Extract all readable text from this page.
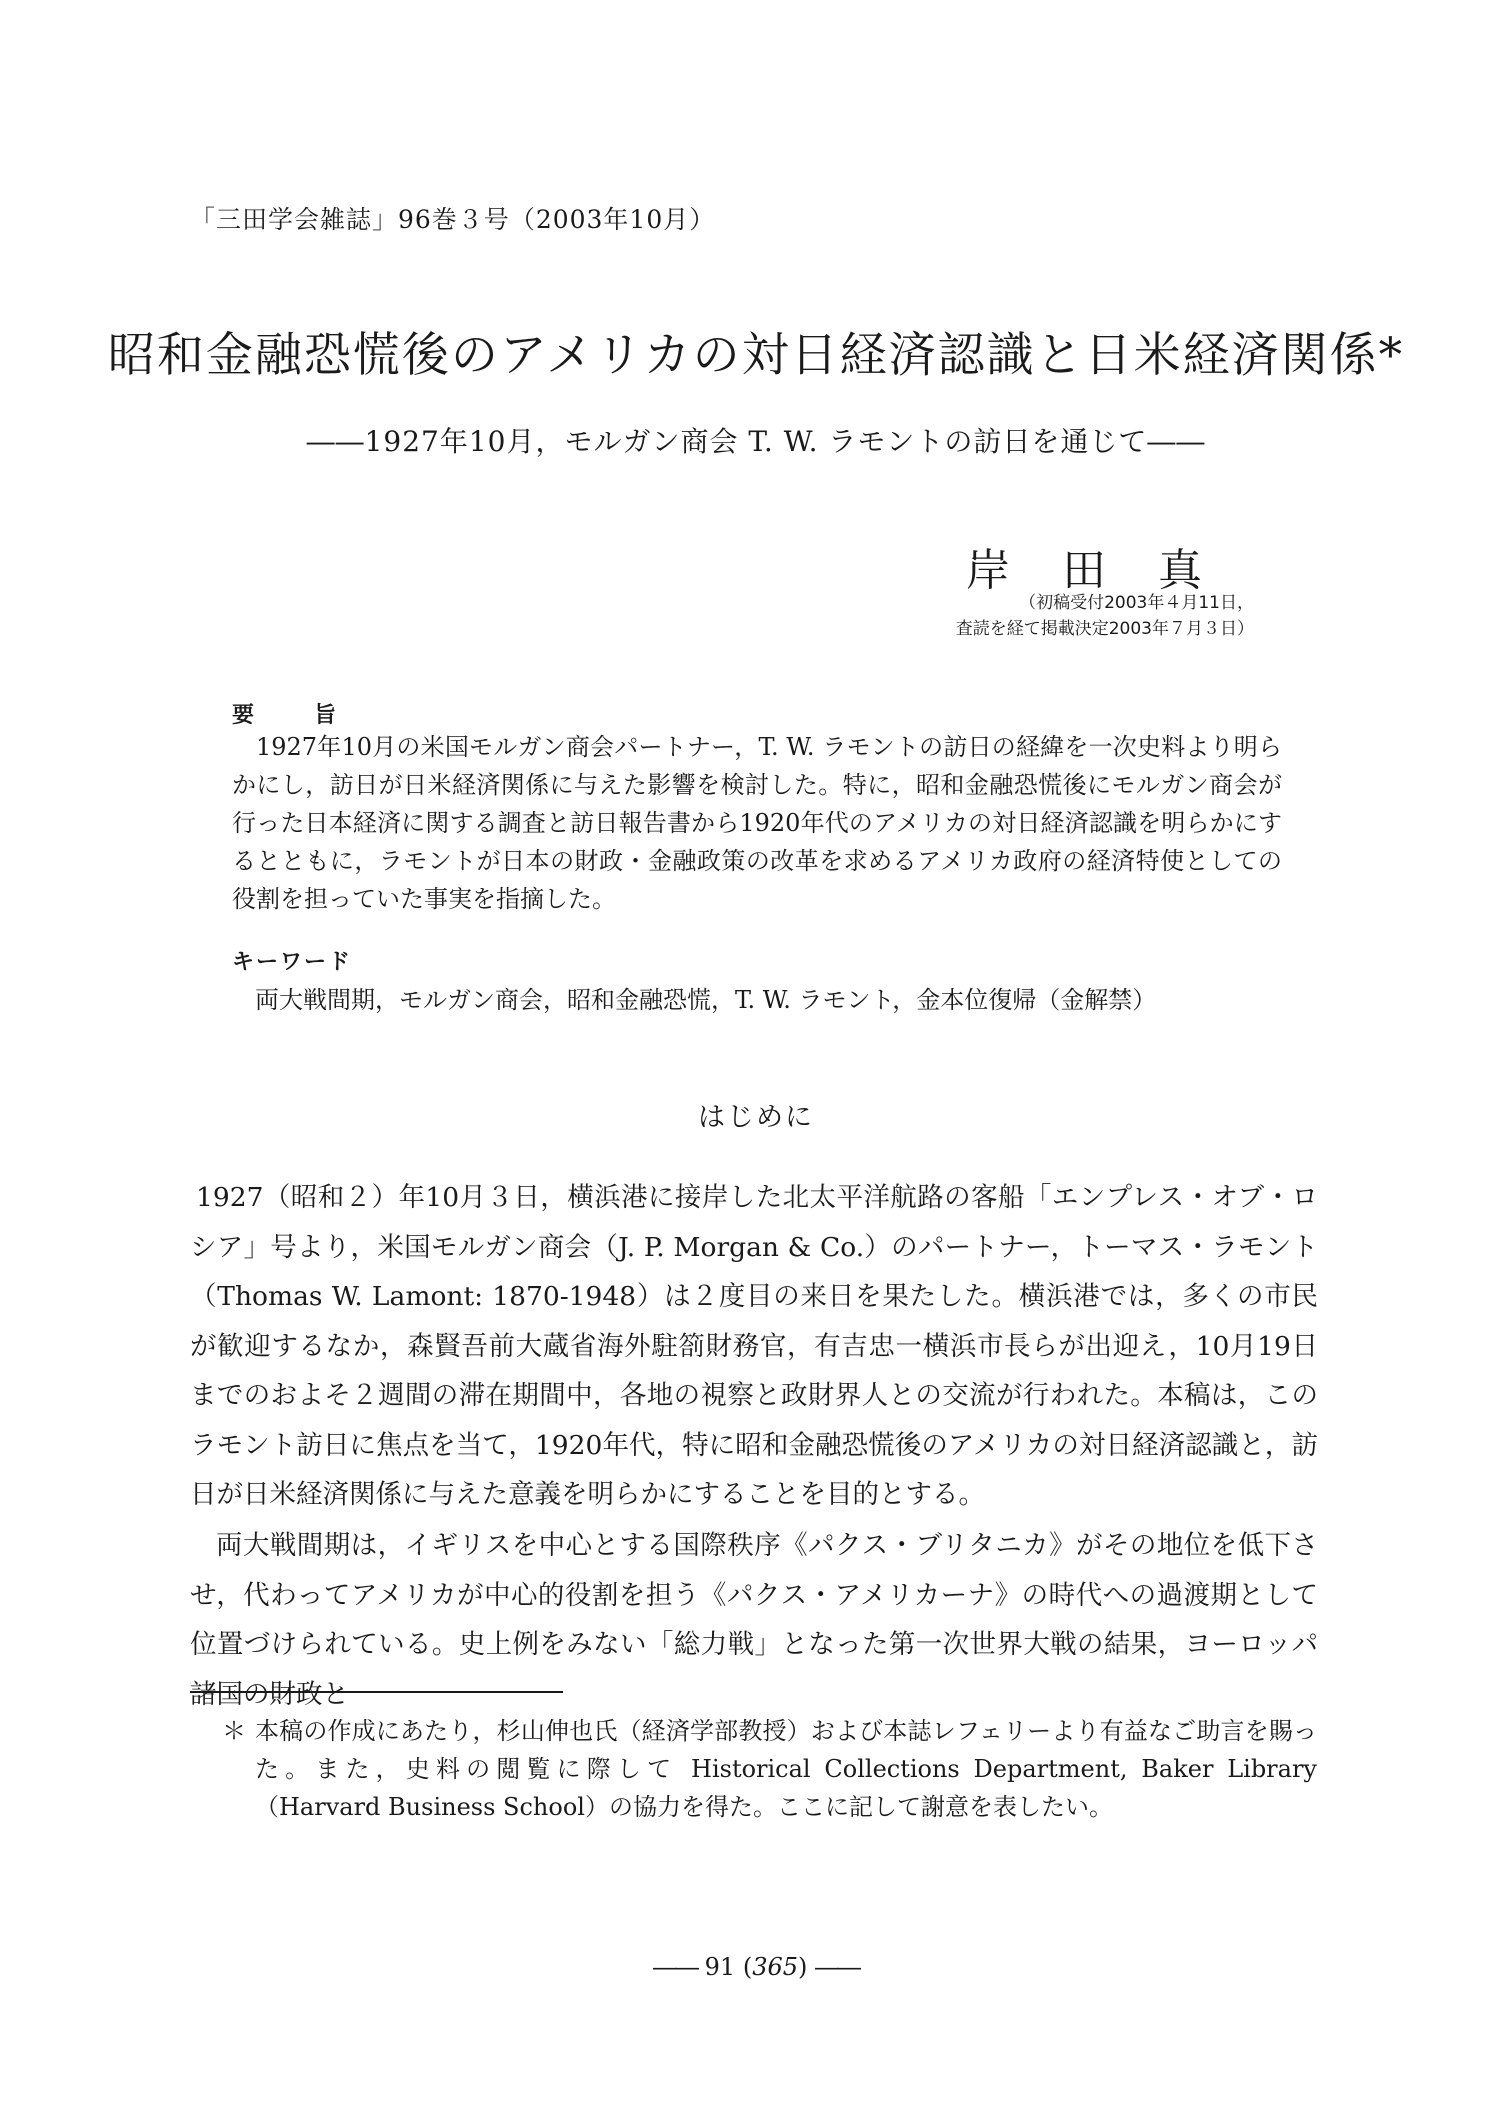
「三田学会雑誌」96巻３号（2003年10月）
昭和金融恐慌後のアメリカの対日経済認識と日米経済関係*
――1927年10月，モルガン商会 T. W. ラモントの訪日を通じて――
岸田真
（初稿受付2003年４月11日，
査読を経て掲載決定2003年７月３日）
要旨
1927年10月の米国モルガン商会パートナー，T. W. ラモントの訪日の経緯を一次史料より明らかにし，訪日が日米経済関係に与えた影響を検討した。特に，昭和金融恐慌後にモルガン商会が行った日本経済に関する調査と訪日報告書から1920年代のアメリカの対日経済認識を明らかにするとともに，ラモントが日本の財政・金融政策の改革を求めるアメリカ政府の経済特使としての役割を担っていた事実を指摘した。
キーワード
両大戦間期，モルガン商会，昭和金融恐慌，T. W. ラモント，金本位復帰（金解禁）
はじめに
1927（昭和２）年10月３日，横浜港に接岸した北太平洋航路の客船「エンプレス・オブ・ロシア」号より，米国モルガン商会（J. P. Morgan & Co.）のパートナー，トーマス・ラモント（Thomas W. Lamont: 1870-1948）は２度目の来日を果たした。横浜港では，多くの市民が歓迎するなか，森賢吾前大蔵省海外駐箚財務官，有吉忠一横浜市長らが出迎え，10月19日までのおよそ２週間の滞在期間中，各地の視察と政財界人との交流が行われた。本稿は，このラモント訪日に焦点を当て，1920年代，特に昭和金融恐慌後のアメリカの対日経済認識と，訪日が日米経済関係に与えた意義を明らかにすることを目的とする。
両大戦間期は，イギリスを中心とする国際秩序《パクス・ブリタニカ》がその地位を低下させ，代わってアメリカが中心的役割を担う《パクス・アメリカーナ》の時代への過渡期として位置づけられている。史上例をみない「総力戦」となった第一次世界大戦の結果，ヨーロッパ諸国の財政と
＊ 本稿の作成にあたり，杉山伸也氏（経済学部教授）および本誌レフェリーより有益なご助言を賜った。また，史料の閲覧に際して Historical Collections Department, Baker Library（Harvard Business School）の協力を得た。ここに記して謝意を表したい。
―― 91 (365) ――
